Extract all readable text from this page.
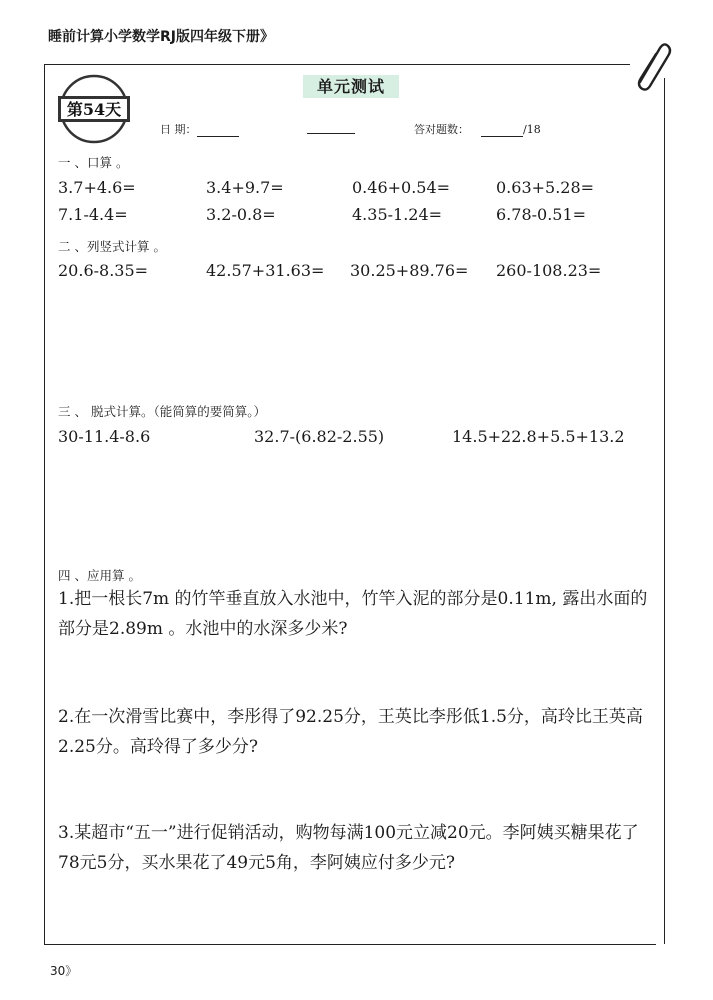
睡前计算小学数学RJ版四年级下册》
第54天
单元测试
日 期：	答对题数：	/18
一 、口算 。
3.7+4.6=	3.4+9.7=	0.46+0.54=	0.63+5.28=
7.1-4.4=	3.2-0.8=	4.35-1.24=	6.78-0.51=
二 、列竖式计算 。
20.6-8.35=	42.57+31.63= 30.25+89.76= 260-108.23=
三 、 脱式计算。（能简算的要简算。）
30-11.4-8.6	32.7-(6.82-2.55)	14.5+22.8+5.5+13.2
四 、应用算 。
1.把一根长7m 的竹竿垂直放入水池中，竹竿入泥的部分是0.11m, 露出水面的部分是2.89m 。水池中的水深多少米?
2.在一次滑雪比赛中，李彤得了92.25分，王英比李彤低1.5分，高玲比王英高2.25分。高玲得了多少分?
3.某超市“五一”进行促销活动，购物每满100元立减20元。李阿姨买糖果花了78元5分，买水果花了49元5角，李阿姨应付多少元?
30》
